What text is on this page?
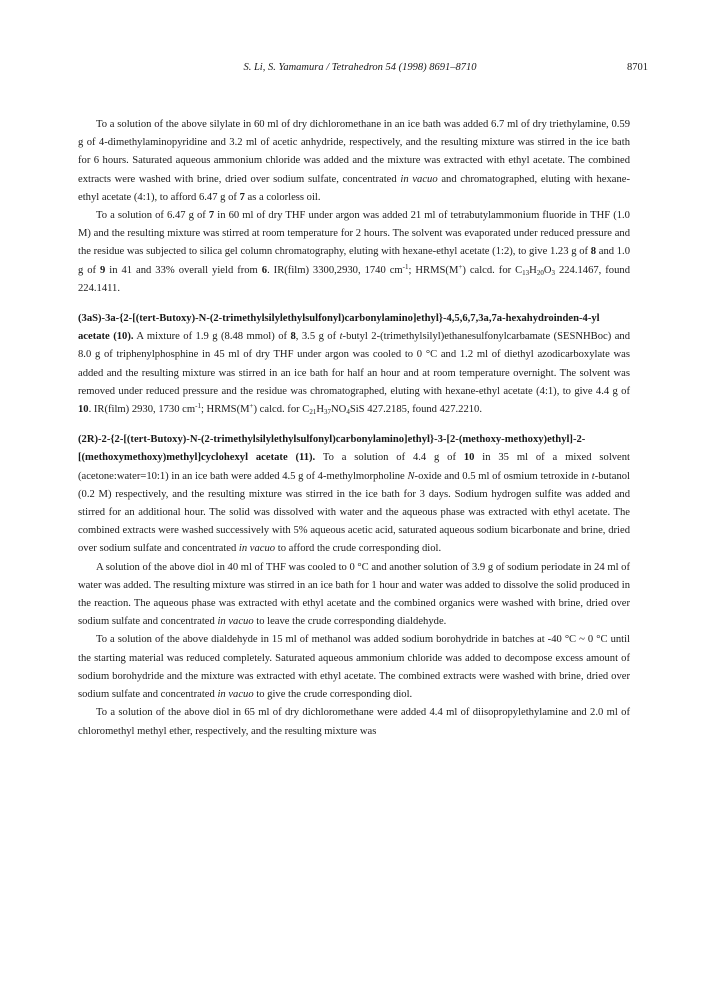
S. Li, S. Yamamura / Tetrahedron 54 (1998) 8691–8710	8701

To a solution of the above silylate in 60 ml of dry dichloromethane in an ice bath was added 6.7 ml of dry triethylamine, 0.59 g of 4-dimethylaminopyridine and 3.2 ml of acetic anhydride, respectively, and the resulting mixture was stirred in the ice bath for 6 hours. Saturated aqueous ammonium chloride was added and the mixture was extracted with ethyl acetate. The combined extracts were washed with brine, dried over sodium sulfate, concentrated in vacuo and chromatographed, eluting with hexane-ethyl acetate (4:1), to afford 6.47 g of 7 as a colorless oil.

To a solution of 6.47 g of 7 in 60 ml of dry THF under argon was added 21 ml of tetrabutylammonium fluoride in THF (1.0 M) and the resulting mixture was stirred at room temperature for 2 hours. The solvent was evaporated under reduced pressure and the residue was subjected to silica gel column chromatography, eluting with hexane-ethyl acetate (1:2), to give 1.23 g of 8 and 1.0 g of 9 in 41 and 33% overall yield from 6. IR(film) 3300,2930, 1740 $cm^{-1}$; HRMS(M+) calcd. for $C_{13}H_{20}O_3$ 224.1467, found 224.1411.

(3aS)-3a-{2-[(tert-Butoxy)-N-(2-trimethylsilylethylsulfonyl)carbonylamino]ethyl}-4,5,6,7,3a,7a-hexahydroinden-4-yl acetate (10). A mixture of 1.9 g (8.48 mmol) of 8, 3.5 g of t-butyl 2-(trimethylsilyl)ethanesulfonylcarbamate (SESNHBoc) and 8.0 g of triphenylphosphine in 45 ml of dry THF under argon was cooled to 0 °C and 1.2 ml of diethyl azodicarboxylate was added and the resulting mixture was stirred in an ice bath for half an hour and at room temperature overnight. The solvent was removed under reduced pressure and the residue was chromatographed, eluting with hexane-ethyl acetate (4:1), to give 4.4 g of 10. IR(film) 2930, 1730 $cm^{-1}$; HRMS(M+) calcd. for $C_{21}H_{37}NO_4SiS$ 427.2185, found 427.2210.

(2R)-2-{2-[(tert-Butoxy)-N-(2-trimethylsilylethylsulfonyl)carbonylamino]ethyl}-3-[2-(methoxy-methoxy)ethyl]-2-[(methoxymethoxy)methyl]cyclohexyl acetate (11). To a solution of 4.4 g of 10 in 35 ml of a mixed solvent (acetone:water=10:1) in an ice bath were added 4.5 g of 4-methylmorpholine N-oxide and 0.5 ml of osmium tetroxide in t-butanol (0.2 M) respectively, and the resulting mixture was stirred in the ice bath for 3 days. Sodium hydrogen sulfite was added and stirred for an additional hour. The solid was dissolved with water and the aqueous phase was extracted with ethyl acetate. The combined extracts were washed successively with 5% aqueous acetic acid, saturated aqueous sodium bicarbonate and brine, dried over sodium sulfate and concentrated in vacuo to afford the crude corresponding diol.

A solution of the above diol in 40 ml of THF was cooled to 0 °C and another solution of 3.9 g of sodium periodate in 24 ml of water was added. The resulting mixture was stirred in an ice bath for 1 hour and water was added to dissolve the solid produced in the reaction. The aqueous phase was extracted with ethyl acetate and the combined organics were washed with brine, dried over sodium sulfate and concentrated in vacuo to leave the crude corresponding dialdehyde.

To a solution of the above dialdehyde in 15 ml of methanol was added sodium borohydride in batches at -40 °C ~ 0 °C until the starting material was reduced completely. Saturated aqueous ammonium chloride was added to decompose excess amount of sodium borohydride and the mixture was extracted with ethyl acetate. The combined extracts were washed with brine, dried over sodium sulfate and concentrated in vacuo to give the crude corresponding diol.

To a solution of the above diol in 65 ml of dry dichloromethane were added 4.4 ml of diisopropylethylamine and 2.0 ml of chloromethyl methyl ether, respectively, and the resulting mixture was
